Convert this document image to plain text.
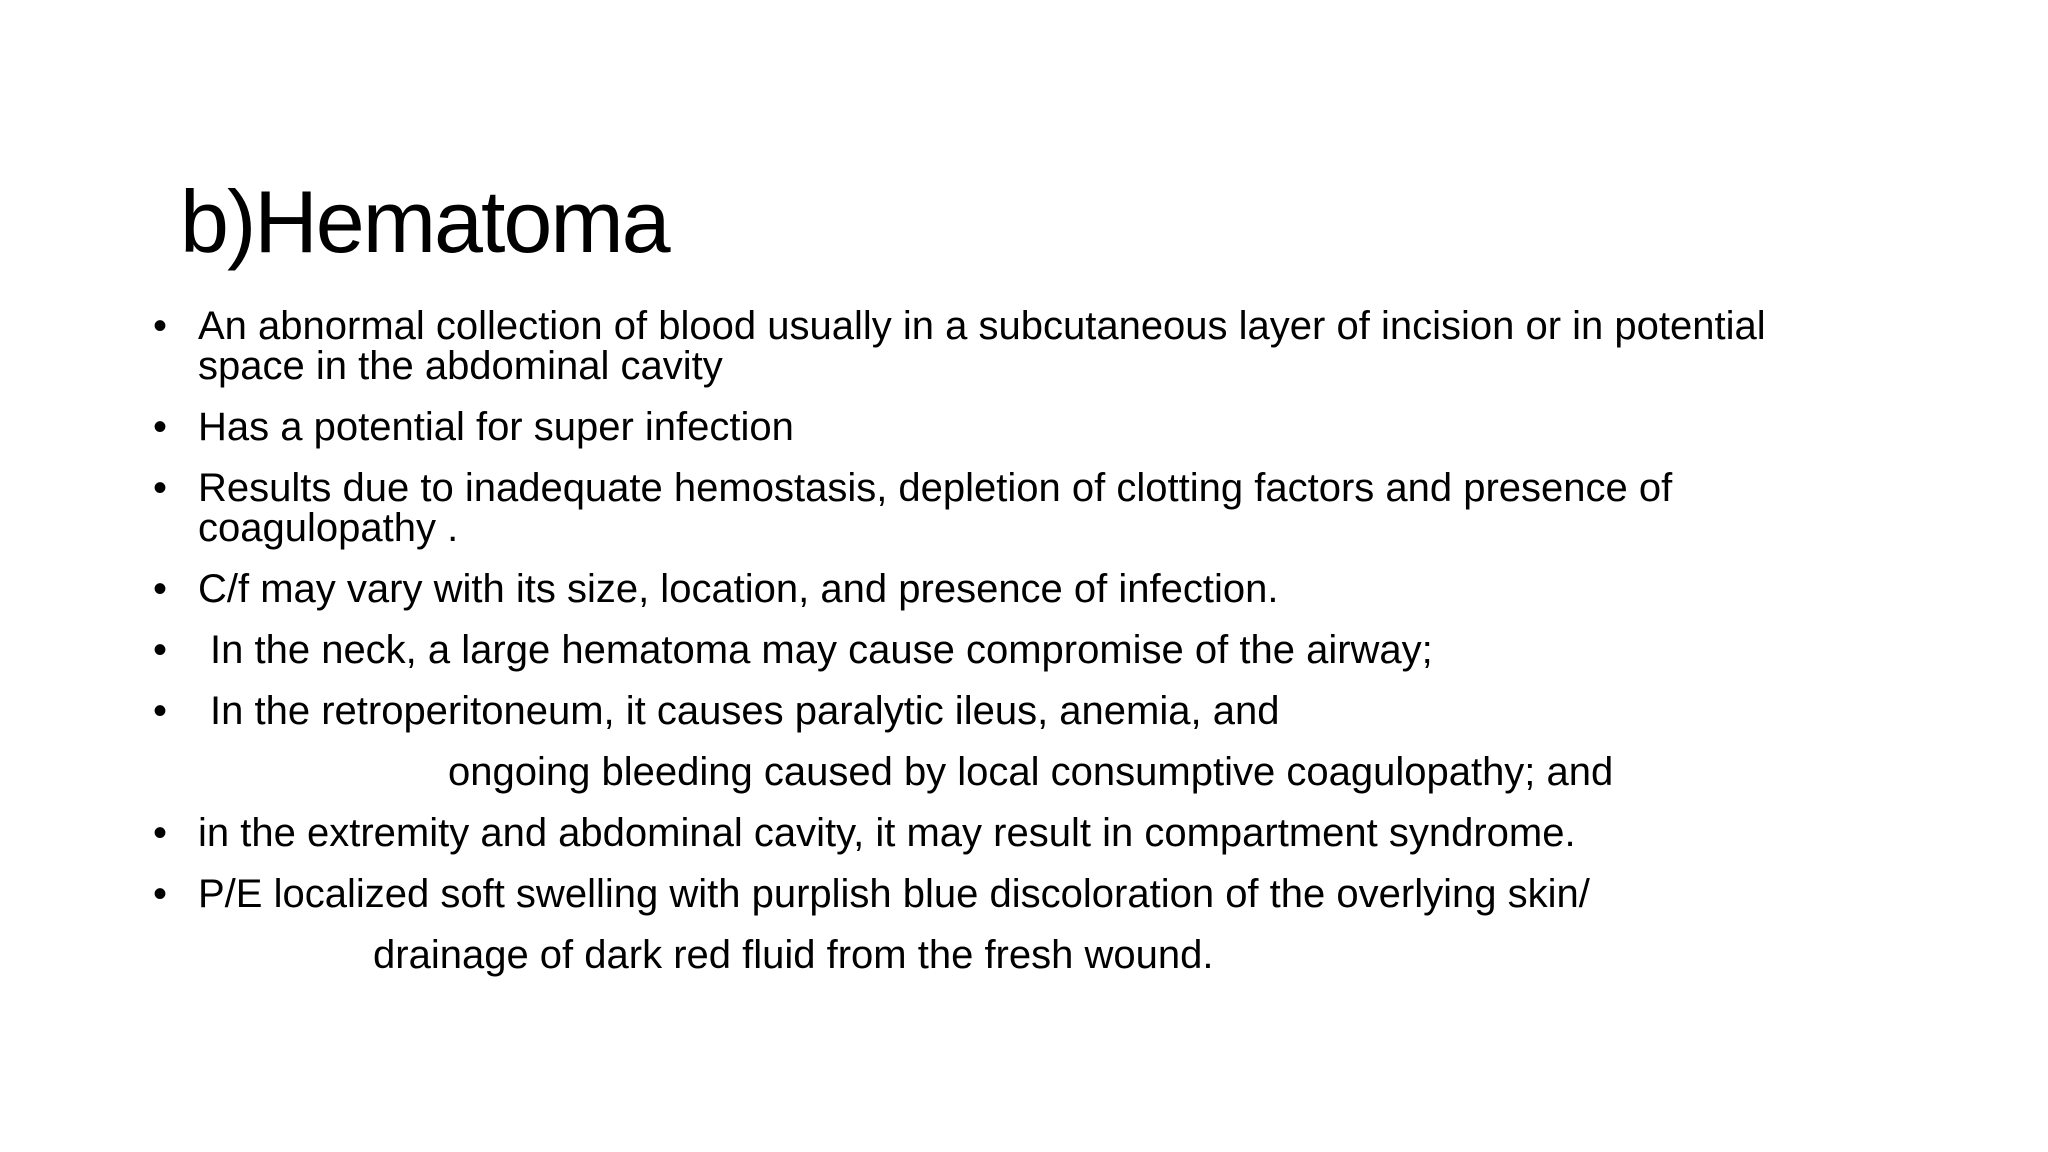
b)Hematoma
• An abnormal collection of blood usually in a subcutaneous layer of incision or in potential
space in the abdominal cavity
• Has a potential for super infection
• Results due to inadequate hemostasis, depletion of clotting factors and presence of
coagulopathy .
• C/f may vary with its size, location, and presence of infection.
•	In the neck, a large hematoma may cause compromise of the airway;
•	In the retroperitoneum, it causes paralytic ileus, anemia, and
ongoing bleeding caused by local consumptive coagulopathy; and
• in the extremity and abdominal cavity, it may result in compartment syndrome.
• P/E localized soft swelling with purplish blue discoloration of the overlying skin/
drainage of dark red fluid from the fresh wound.
